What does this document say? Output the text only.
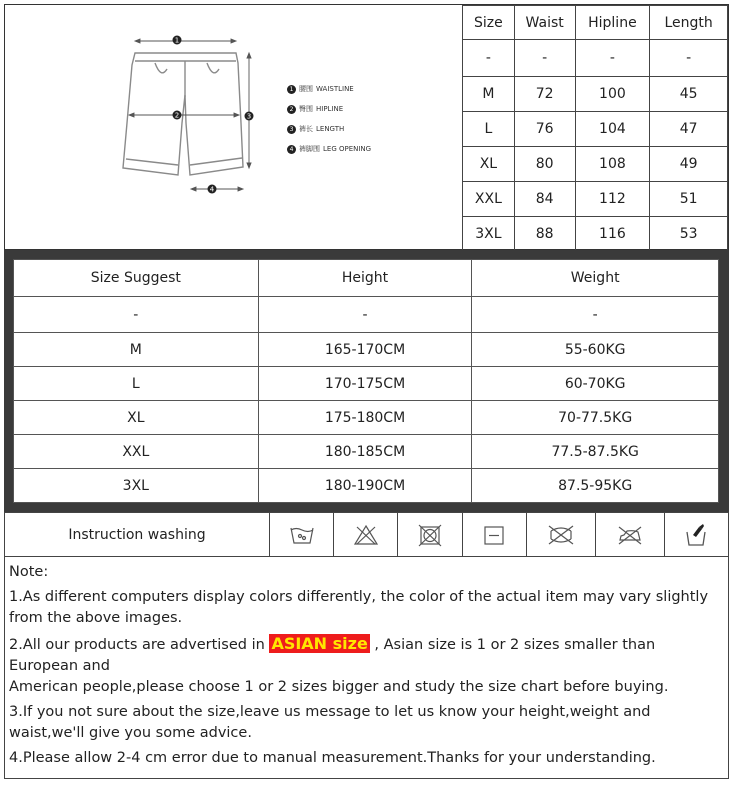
1
2	3
4
1 腰围 WAISTLINE
2 臀围 HIPLINE
3 裤长 LENGTH
4 裤脚围 LEG OPENING
Size	Waist	Hipline	Length
-	-	-	-
M	72	100	45
L	76	104	47
XL	80	108	49
XXL	84	112	51
3XL	88	116	53
Size Suggest	Height	Weight
-	-	-
M	165-170CM	55-60KG
L	170-175CM	60-70KG
XL	175-180CM	70-77.5KG
XXL	180-185CM	77.5-87.5KG
3XL	180-190CM	87.5-95KG
Instruction washing	

Note:

1.As different computers display colors differently, the color of the actual item may vary slightly from the above images.

2.All our products are advertised in ASIAN size , Asian size is 1 or 2 sizes smaller than
European and
American people,please choose 1 or 2 sizes bigger and study the size chart before buying.

3.If you not sure about the size,leave us message to let us know your height,weight and waist,we'll give you some advice.

4.Please allow 2-4 cm error due to manual measurement.Thanks for your understanding.
